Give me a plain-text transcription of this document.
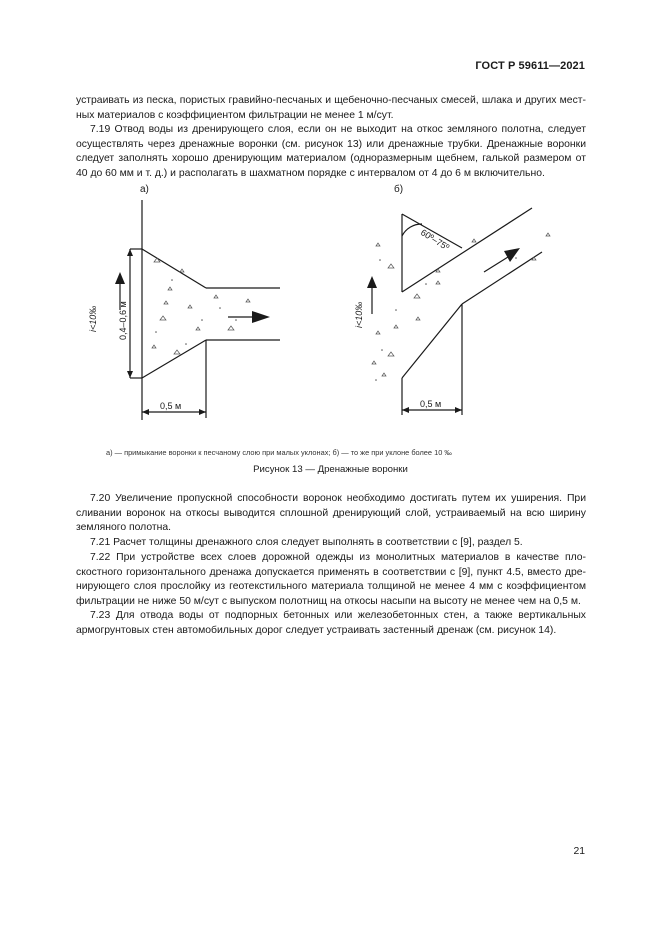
ГОСТ Р 59611—2021
устраивать из песка, пористых гравийно-песчаных и щебеночно-песчаных смесей, шлака и других мест-
ных материалов с коэффициентом фильтрации не менее 1 м/сут.
7.19 Отвод воды из дренирующего слоя, если он не выходит на откос земляного полотна, следует
осуществлять через дренажные воронки (см. рисунок 13) или дренажные трубки. Дренажные воронки
следует заполнять хорошо дренирующим материалом (одноразмерным щебнем, галькой размером от
40 до 60 мм и т. д.) и располагать в шахматном порядке с интервалом от 4 до 6 м включительно.
а)	б)
0,4–0,6 м
i<10‰
0,5 м
i<10‰
0,5 м
60º–75º
а) — примыкание воронки к песчаному слою при малых уклонах; б) — то же при уклоне более 10 ‰
Рисунок 13 — Дренажные воронки
7.20 Увеличение пропускной способности воронок необходимо достигать путем их уширения. При
сливании воронок на откосы выводится сплошной дренирующий слой, устраиваемый на всю ширину
земляного полотна.
7.21 Расчет толщины дренажного слоя следует выполнять в соответствии с [9], раздел 5.
7.22 При устройстве всех слоев дорожной одежды из монолитных материалов в качестве пло-
скостного горизонтального дренажа допускается применять в соответствии с [9], пункт 4.5, вместо дре-
нирующего слоя прослойку из геотекстильного материала толщиной не менее 4 мм с коэффициентом
фильтрации не ниже 50 м/сут с выпуском полотнищ на откосы насыпи на высоту не менее чем на 0,5 м.
7.23 Для отвода воды от подпорных бетонных или железобетонных стен, а также вертикальных
армогрунтовых стен автомобильных дорог следует устраивать застенный дренаж (см. рисунок 14).
21
